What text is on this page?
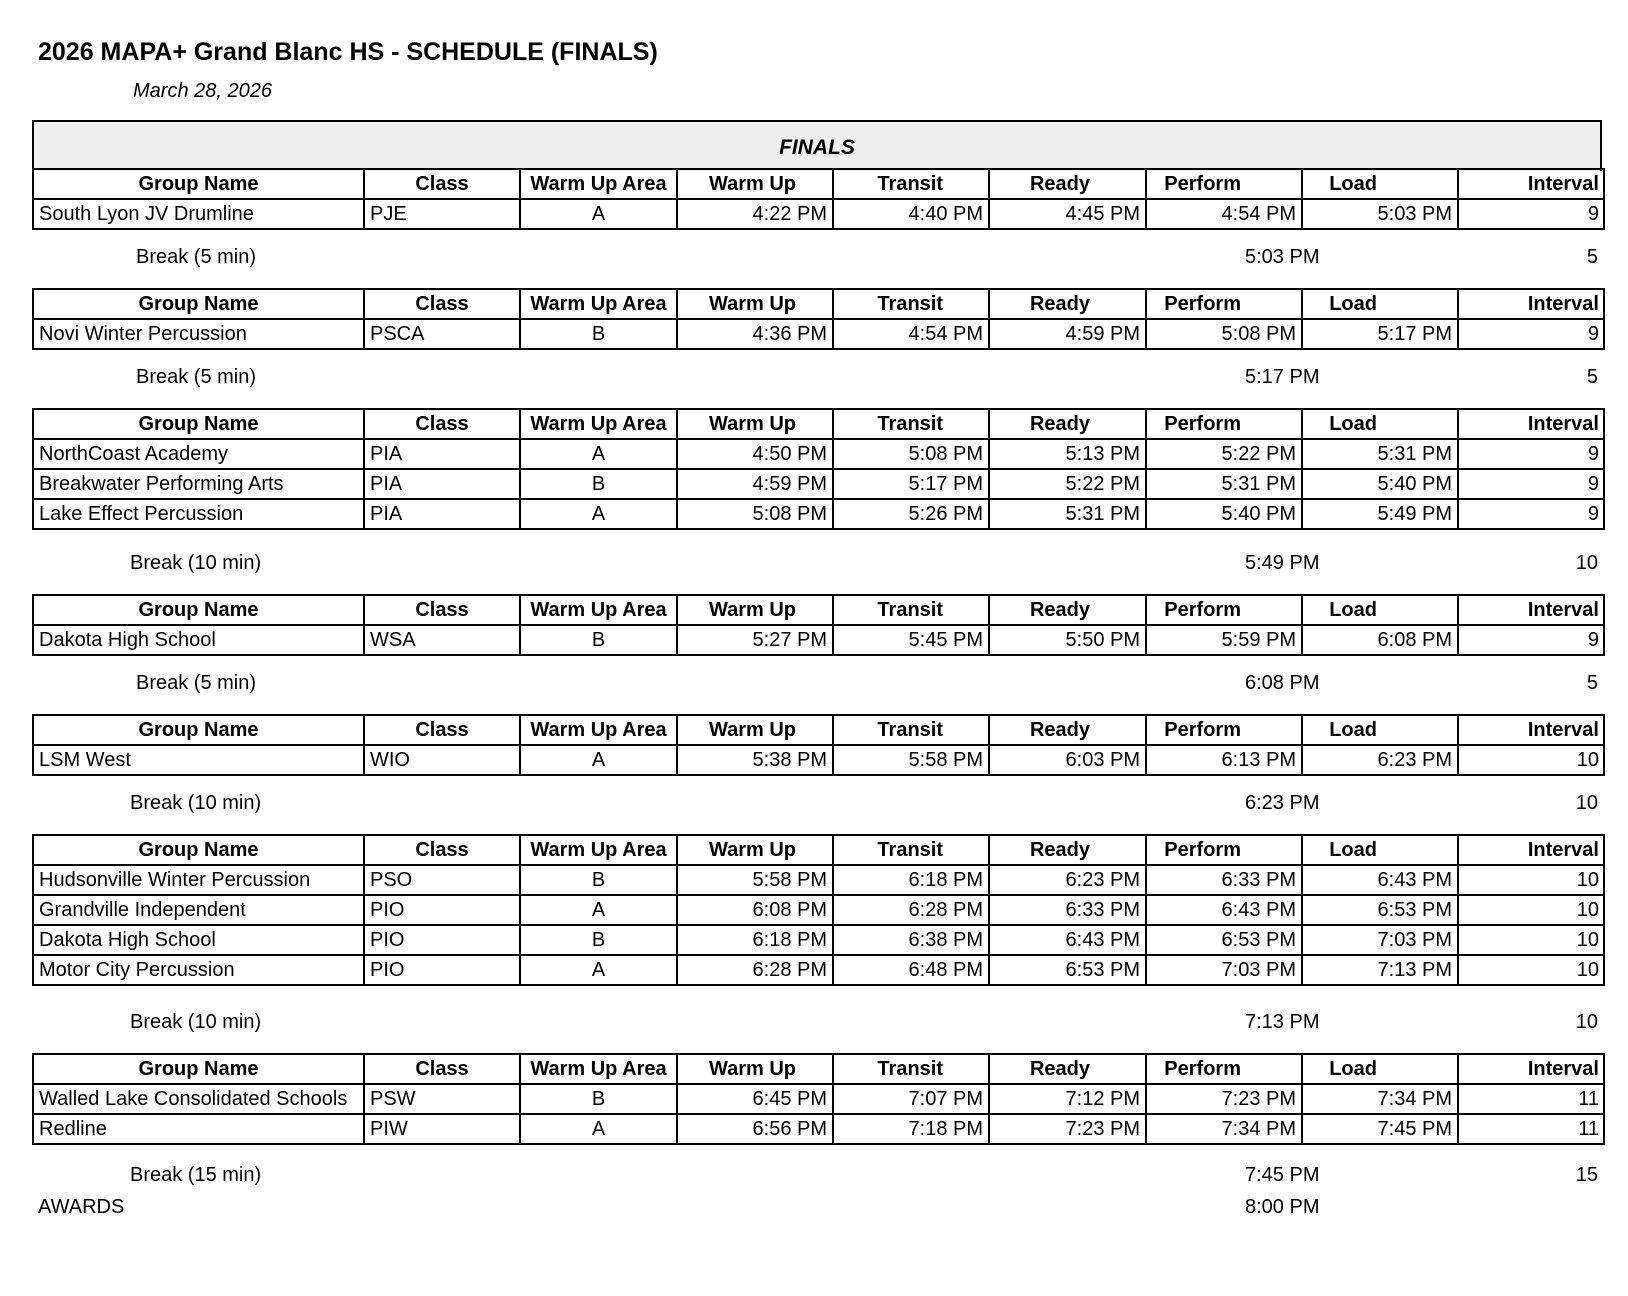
2026 MAPA+ Grand Blanc HS - SCHEDULE (FINALS)
March 28, 2026
FINALS
Group Name	Class	Warm Up Area	Warm Up	Transit	Ready	Perform	Load	Interval
South Lyon JV Drumline	PJE	A	4:22 PM	4:40 PM	4:45 PM	4:54 PM	5:03 PM	9
Break (5 min)	5:03 PM	5
Group Name	Class	Warm Up Area	Warm Up	Transit	Ready	Perform	Load	Interval
Novi Winter Percussion	PSCA	B	4:36 PM	4:54 PM	4:59 PM	5:08 PM	5:17 PM	9
Break (5 min)	5:17 PM	5
Group Name	Class	Warm Up Area	Warm Up	Transit	Ready	Perform	Load	Interval
NorthCoast Academy	PIA	A	4:50 PM	5:08 PM	5:13 PM	5:22 PM	5:31 PM	9
Breakwater Performing Arts	PIA	B	4:59 PM	5:17 PM	5:22 PM	5:31 PM	5:40 PM	9
Lake Effect Percussion	PIA	A	5:08 PM	5:26 PM	5:31 PM	5:40 PM	5:49 PM	9
Break (10 min)	5:49 PM	10
Group Name	Class	Warm Up Area	Warm Up	Transit	Ready	Perform	Load	Interval
Dakota High School	WSA	B	5:27 PM	5:45 PM	5:50 PM	5:59 PM	6:08 PM	9
Break (5 min)	6:08 PM	5
Group Name	Class	Warm Up Area	Warm Up	Transit	Ready	Perform	Load	Interval
LSM West	WIO	A	5:38 PM	5:58 PM	6:03 PM	6:13 PM	6:23 PM	10
Break (10 min)	6:23 PM	10
Group Name	Class	Warm Up Area	Warm Up	Transit	Ready	Perform	Load	Interval
Hudsonville Winter Percussion	PSO	B	5:58 PM	6:18 PM	6:23 PM	6:33 PM	6:43 PM	10
Grandville Independent	PIO	A	6:08 PM	6:28 PM	6:33 PM	6:43 PM	6:53 PM	10
Dakota High School	PIO	B	6:18 PM	6:38 PM	6:43 PM	6:53 PM	7:03 PM	10
Motor City Percussion	PIO	A	6:28 PM	6:48 PM	6:53 PM	7:03 PM	7:13 PM	10
Break (10 min)	7:13 PM	10
Group Name	Class	Warm Up Area	Warm Up	Transit	Ready	Perform	Load	Interval
Walled Lake Consolidated Schools	PSW	B	6:45 PM	7:07 PM	7:12 PM	7:23 PM	7:34 PM	11
Redline	PIW	A	6:56 PM	7:18 PM	7:23 PM	7:34 PM	7:45 PM	11
Break (15 min)	7:45 PM	15
AWARDS	8:00 PM
